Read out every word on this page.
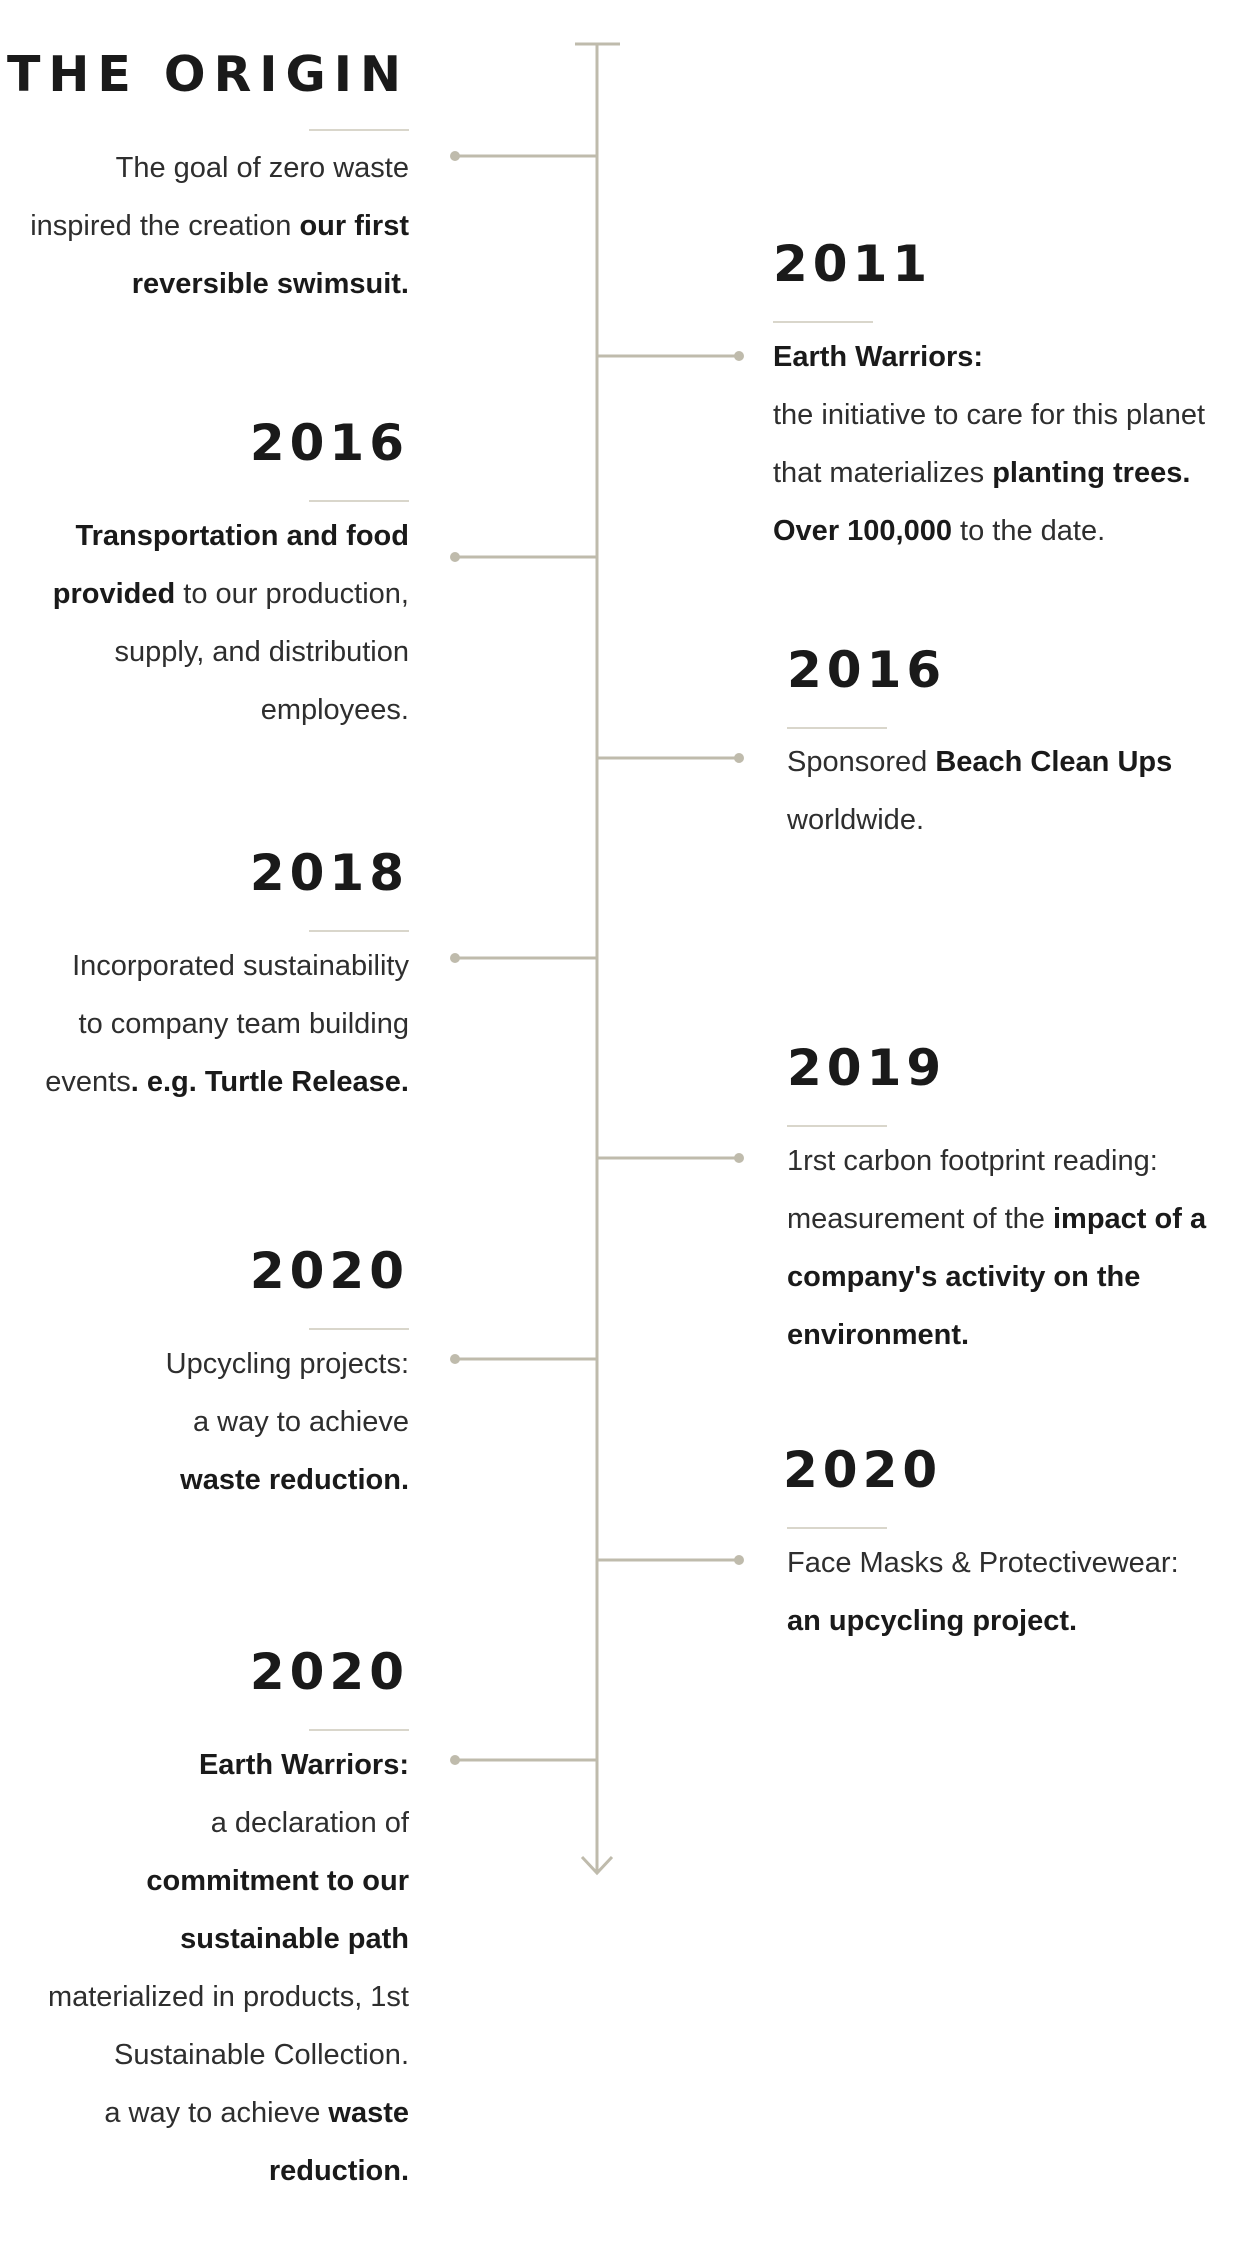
THE ORIGIN
The goal of zero waste
inspired the creation our first
reversible swimsuit.	2011
Earth Warriors:
the initiative to care for this planet
that materializes planting trees.
Over 100,000 to the date.
2016
Transportation and food
provided to our production,
supply, and distribution
employees.
2016
Sponsored Beach Clean Ups
worldwide.
2018
Incorporated sustainability
to company team building
events. e.g. Turtle Release.	2019
1rst carbon footprint reading:
measurement of the impact of a
company's activity on the
environment.
2020
Upcycling projects:
a way to achieve
waste reduction.	2020
Face Masks & Protectivewear:
an upcycling project.
2020
Earth Warriors:
a declaration of
commitment to our
sustainable path
materialized in products, 1st
Sustainable Collection.
a way to achieve waste
reduction.
